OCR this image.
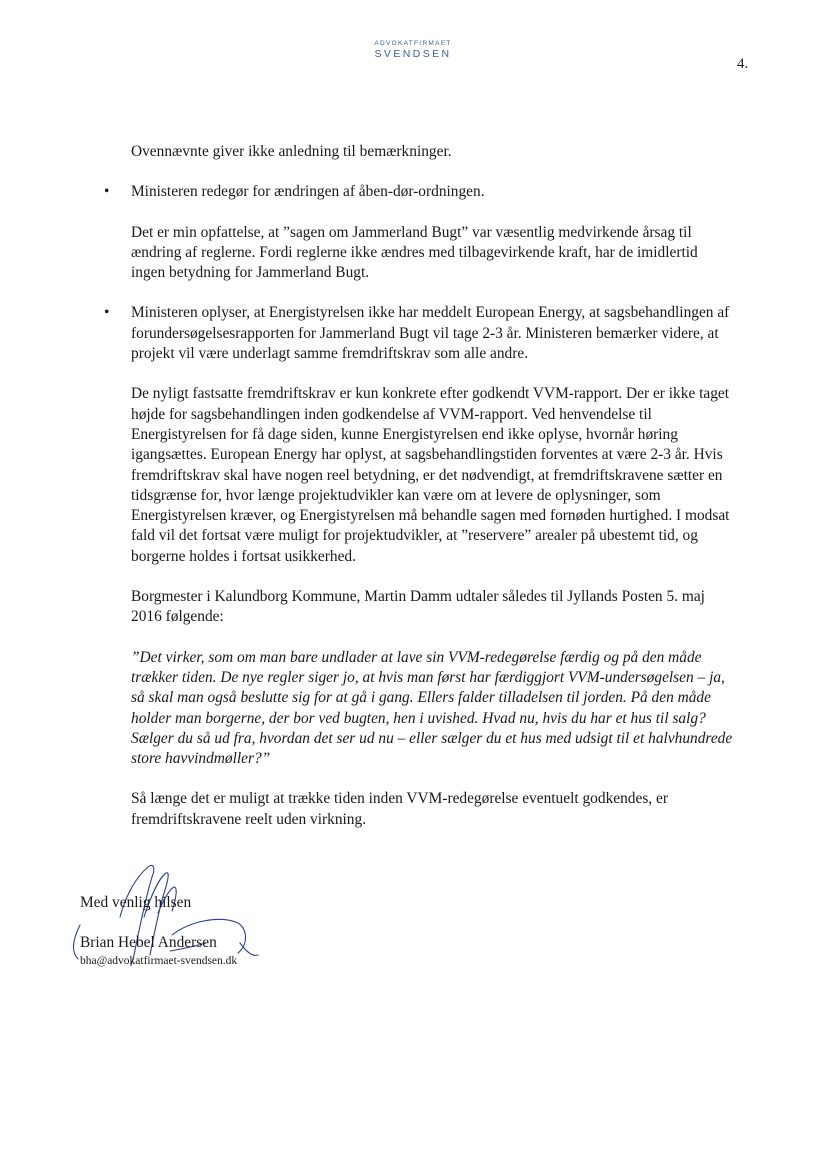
ADVOKATFIRMAET
SVENDSEN
4.

Ovennævnte giver ikke anledning til bemærkninger.

• Ministeren redegør for ændringen af åben-dør-ordningen.

Det er min opfattelse, at ”sagen om Jammerland Bugt” var væsentlig medvirkende årsag til ændring af reglerne. Fordi reglerne ikke ændres med tilbagevirkende kraft, har de imidlertid ingen betydning for Jammerland Bugt.

• Ministeren oplyser, at Energistyrelsen ikke har meddelt European Energy, at sagsbehandlingen af forundersøgelsesrapporten for Jammerland Bugt vil tage 2-3 år. Ministeren bemærker videre, at projekt vil være underlagt samme fremdriftskrav som alle andre.

De nyligt fastsatte fremdriftskrav er kun konkrete efter godkendt VVM-rapport. Der er ikke taget højde for sagsbehandlingen inden godkendelse af VVM-rapport. Ved henvendelse til Energistyrelsen for få dage siden, kunne Energistyrelsen end ikke oplyse, hvornår høring igangsættes. European Energy har oplyst, at sagsbehandlingstiden forventes at være 2-3 år. Hvis fremdriftskrav skal have nogen reel betydning, er det nødvendigt, at fremdriftskravene sætter en tidsgrænse for, hvor længe projektudvikler kan være om at levere de oplysninger, som Energistyrelsen kræver, og Energistyrelsen må behandle sagen med fornøden hurtighed. I modsat fald vil det fortsat være muligt for projektudvikler, at ”reservere” arealer på ubestemt tid, og borgerne holdes i fortsat usikkerhed.

Borgmester i Kalundborg Kommune, Martin Damm udtaler således til Jyllands Posten 5. maj 2016 følgende:

”Det virker, som om man bare undlader at lave sin VVM-redegørelse færdig og på den måde trækker tiden. De nye regler siger jo, at hvis man først har færdiggjort VVM-undersøgelsen – ja, så skal man også beslutte sig for at gå i gang. Ellers falder tilladelsen til jorden. På den måde holder man borgerne, der bor ved bugten, hen i uvished. Hvad nu, hvis du har et hus til salg? Sælger du så ud fra, hvordan det ser ud nu – eller sælger du et hus med udsigt til et halvhundrede store havvindmøller?”

Så længe det er muligt at trække tiden inden VVM-redegørelse eventuelt godkendes, er fremdriftskravene reelt uden virkning.

Med venlig hilsen
Brian Hebel Andersen
bha@advokatfirmaet-svendsen.dk
